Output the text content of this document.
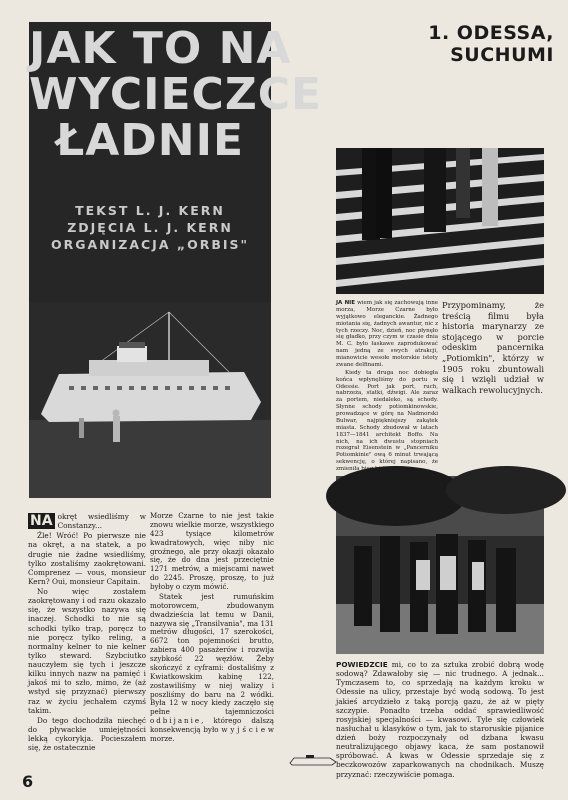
JAK TO NA
WYCIECZCE
ŁADNIE
TEKST L. J. KERN
ZDJĘCIA L. J. KERN
ORGANIZACJA „ORBIS"
1. ODESSA, SUCHUMI

NA okręt wsiedliśmy w Constanzy...

Źle! Wróć! Po pierwsze nie na okręt, a na statek, a po drugie nie żadne wsiedliśmy, tylko zostaliśmy zaokrętowani. Comprenez — vous, monsieur Kern? Oui, monsieur Capitain.

No więc zostałem zaokrętowany i od razu okazało się, że wszystko nazywa się inaczej. Schodki to nie są schodki tylko trap, poręcz to nie poręcz tylko reling, a normalny kelner to nie kelner tylko steward. Szybciutko nauczyłem się tych i jeszcze kilku innych nazw na pamięć i jakoś mi to szło, mimo, że (aż wstyd się przyznać) pierwszy raz w życiu jechałem czymś takim.

Do tego dochodziła niechęć do pływackie umiejętności lekką cykorykja. Pocieszałem się, że ostatecznie

Morze Czarne to nie jest takie znowu wielkie morze, wszystkiego 423 tysiące kilometrów kwadratowych, więc niby nic groźnego, ale przy okazji okazało się, że do dna jest przeciętnie 1271 metrów, a miejscami nawet do 2245. Proszę, proszę, to już byłoby o czym mówić.

Statek jest rumuńskim motorowcem, zbudowanym dwadzieścia lat temu w Danii, nazywa się „Transilvania", ma 131 metrów długości, 17 szerokości, 6672 ton pojemności brutto, zabiera 400 pasażerów i rozwija szybkość 22 węzłów. Żeby skończyć z cyframi: dostaliśmy z Kwiatkowskim kabinę 122, zostawiliśmy w niej walizy i poszliśmy do baru na 2 wódki. Była 12 w nocy kiedy zaczęło się pełne tajemniczości odbijanie, którego dalszą konsekwencją było w y j ś c i e w morze.

JA NIE wiem jak się zachowują inne morza, Morze Czarne było wyjątkowo eleganckie. Żadnego miotania się, żadnych awantur, nic z tych rzeczy. Noc, dzień, noc płynęło się gładko, przy czym w czasie dnia M. C. było łaskawe zaprodukować nam jedną ze swych atrakcji, mianowicie wesołe motorskie istoty zwane delfinami.

Kiedy ta druga noc dobiegła końca wpłynęliśmy do portu w Odessie. Port jak port, ruch, nabrzeża, statki, dźwigi. Ale zaraz za portem, niedaleko, są schody. Słynne schody potiomkinowskie, prowadzące w górę na Nadmorski Bulwar, najpiękniejszy zakątek miasta. Schody zbudował w latach 1837—1841 architekt Boffo. Na nich, na ich dwustu stopniach rozegrał Eisenstein w „Pancerniku Potiomkinie" ową 6 minut trwającą sekwencję, o której napisano, że zmieniła bieg historii filmu.

Przypominamy, że treścią filmu była historia marynarzy ze stojącego w porcie odeskim pancernika „Potiomkin", którzy w 1905 roku zbuntowali się i wzięli udział w walkach rewolucyjnych.

POWIEDZCIE mi, co to za sztuka zrobić dobrą wodę sodową? Zdawałoby się — nic trudnego. A jednak... Tymczasem to, co sprzedają na każdym kroku w Odessie na ulicy, przestaje być wodą sodową. To jest jakieś arcydzieło z taką porcją gazu, że aż w pięty szczypie. Ponadto trzeba oddać sprawiedliwość rosyjskiej specjalności — kwasowi. Tyle się człowiek nasłuchał u klasyków o tym, jak to staroruskie pijanice dzień boży rozpoczynały od dzbana kwasu neutralizującego objawy kaca, że sam postanowił spróbować. A kwas w Odessie sprzedaje się z beczkowozów zaparkowanych na chodnikach. Muszę przyznać: rzeczywiście pomaga.

6
